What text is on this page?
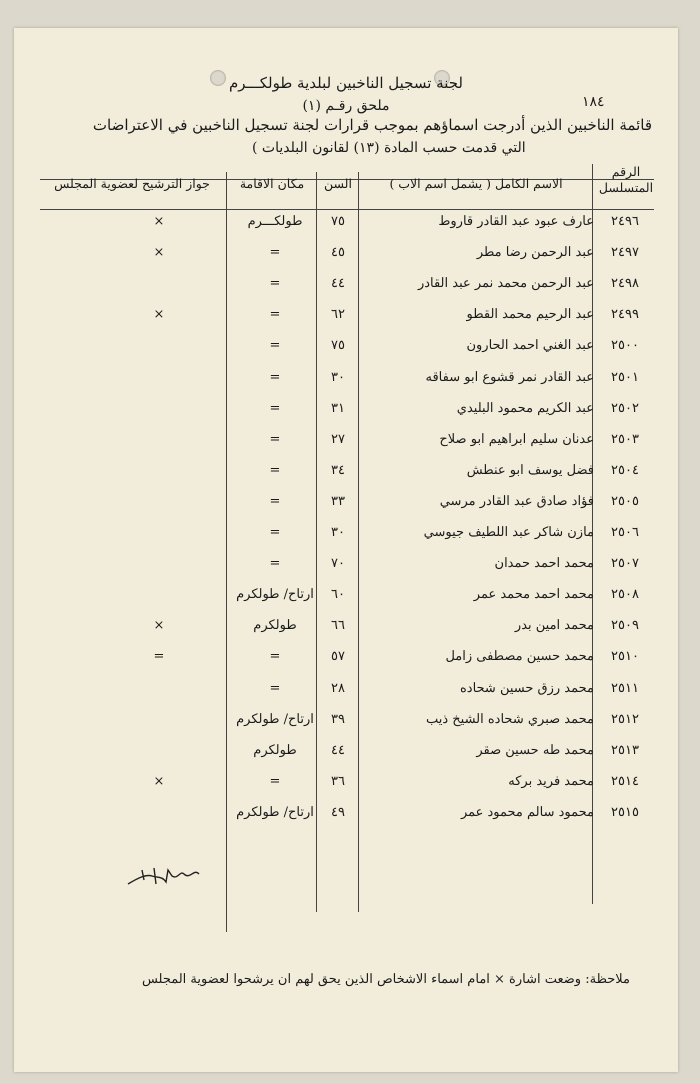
لجنة تسجيل الناخبين لبلدية طولكـــرم
ملحق رقـم (١)	١٨٤
قائمة الناخبين الذين أدرجت اسماؤهم بموجب قرارات لجنة تسجيل الناخبين في الاعتراضات
التي قدمت حسب المادة (١٣) لقانون البلديات )
الرقم المتسلسل
الاسم الكامل ( يشمل اسم الاب )
السن
مكان الاقامة
جواز الترشيح لعضوية المجلس
٢٤٩٦
عارف عبود عبد القادر قاروط
٧٥
طولكـــرم
×
٢٤٩٧
عبد الرحمن رضا مطر
٤٥
=
×
٢٤٩٨
عبد الرحمن محمد نمر عبد القادر
٤٤
=
٢٤٩٩
عبد الرحيم محمد القطو
٦٢
=
×
٢٥٠٠
عبد الغني احمد الحارون
٧٥
=
٢٥٠١
عبد القادر نمر قشوع ابو سفاقه
٣٠
=
٢٥٠٢
عبد الكريم محمود البليدي
٣١
=
٢٥٠٣
عدنان سليم ابراهيم ابو صلاح
٢٧
=
٢٥٠٤
فضل يوسف ابو عنطش
٣٤
=
٢٥٠٥
فؤاد صادق عبد القادر مرسي
٣٣
=
٢٥٠٦
مازن شاكر عبد اللطيف جيوسي
٣٠
=
٢٥٠٧
محمد احمد حمدان
٧٠
=
٢٥٠٨
محمد احمد محمد عمر
٦٠
ارتاح/ طولكرم
٢٥٠٩
محمد امين بدر
٦٦
طولكرم
×
٢٥١٠
محمد حسين مصطفى زامل
٥٧
=
=
٢٥١١
محمد رزق حسين شحاده
٢٨
=
٢٥١٢
محمد صبري شحاده الشيخ ذيب
٣٩
ارتاح/ طولكرم
٢٥١٣
محمد طه حسين صقر
٤٤
طولكرم
٢٥١٤
محمد فريد بركه
٣٦
=
×
٢٥١٥
محمود سالم محمود عمر
٤٩
ارتاح/ طولكرم
ملاحظة: وضعت اشارة × امام اسماء الاشخاص الذين يحق لهم ان يرشحوا لعضوية المجلس
